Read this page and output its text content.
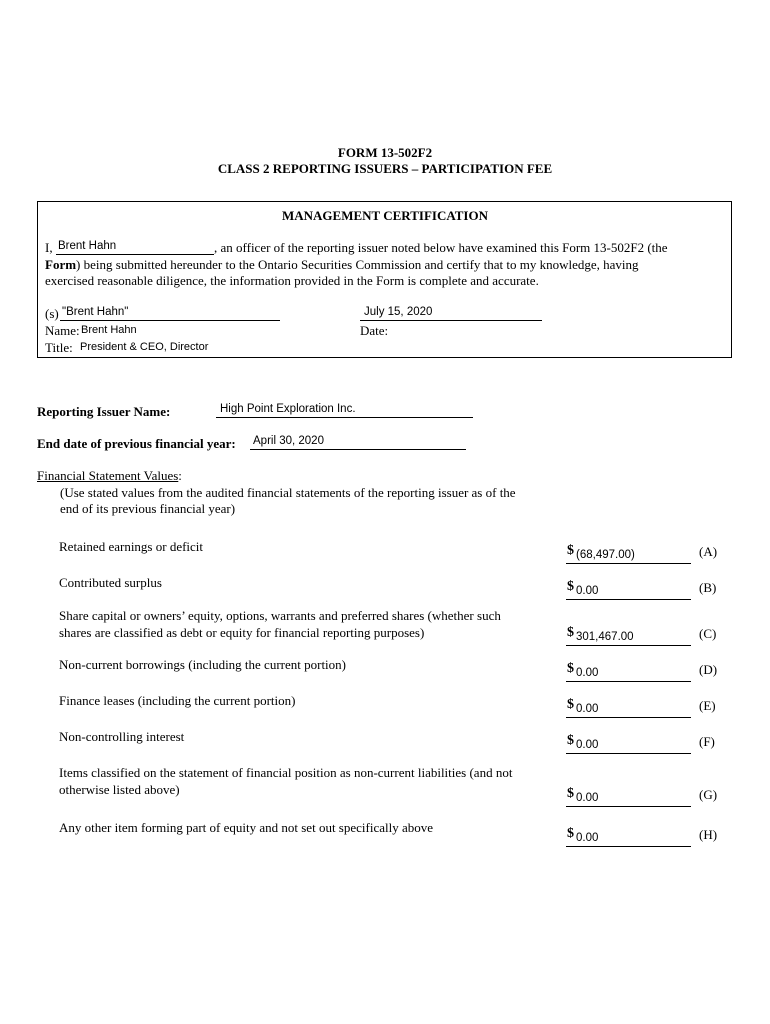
FORM 13-502F2
CLASS 2 REPORTING ISSUERS – PARTICIPATION FEE
MANAGEMENT CERTIFICATION
I, Brent Hahn	, an officer of the reporting issuer noted below have examined this Form 13-502F2 (the
Form) being submitted hereunder to the Ontario Securities Commission and certify that to my knowledge, having
exercised reasonable diligence, the information provided in the Form is complete and accurate.
(s) "Brent Hahn"	July 15, 2020
Name: Brent Hahn	Date:
Title: President & CEO, Director
Reporting Issuer Name:	High Point Exploration Inc.
End date of previous financial year: April 30, 2020
Financial Statement Values:
(Use stated values from the audited financial statements of the reporting issuer as of the
end of its previous financial year)
Retained earnings or deficit	$ (68,497.00)	(A)
Contributed surplus	$ 0.00	(B)
Share capital or owners’ equity, options, warrants and preferred shares (whether such
shares are classified as debt or equity for financial reporting purposes)	$ 301,467.00	(C)
Non-current borrowings (including the current portion)	$ 0.00	(D)
Finance leases (including the current portion)	$ 0.00	(E)
Non-controlling interest	$ 0.00	(F)
Items classified on the statement of financial position as non-current liabilities (and not
otherwise listed above)	$ 0.00	(G)
Any other item forming part of equity and not set out specifically above	$ 0.00	(H)
